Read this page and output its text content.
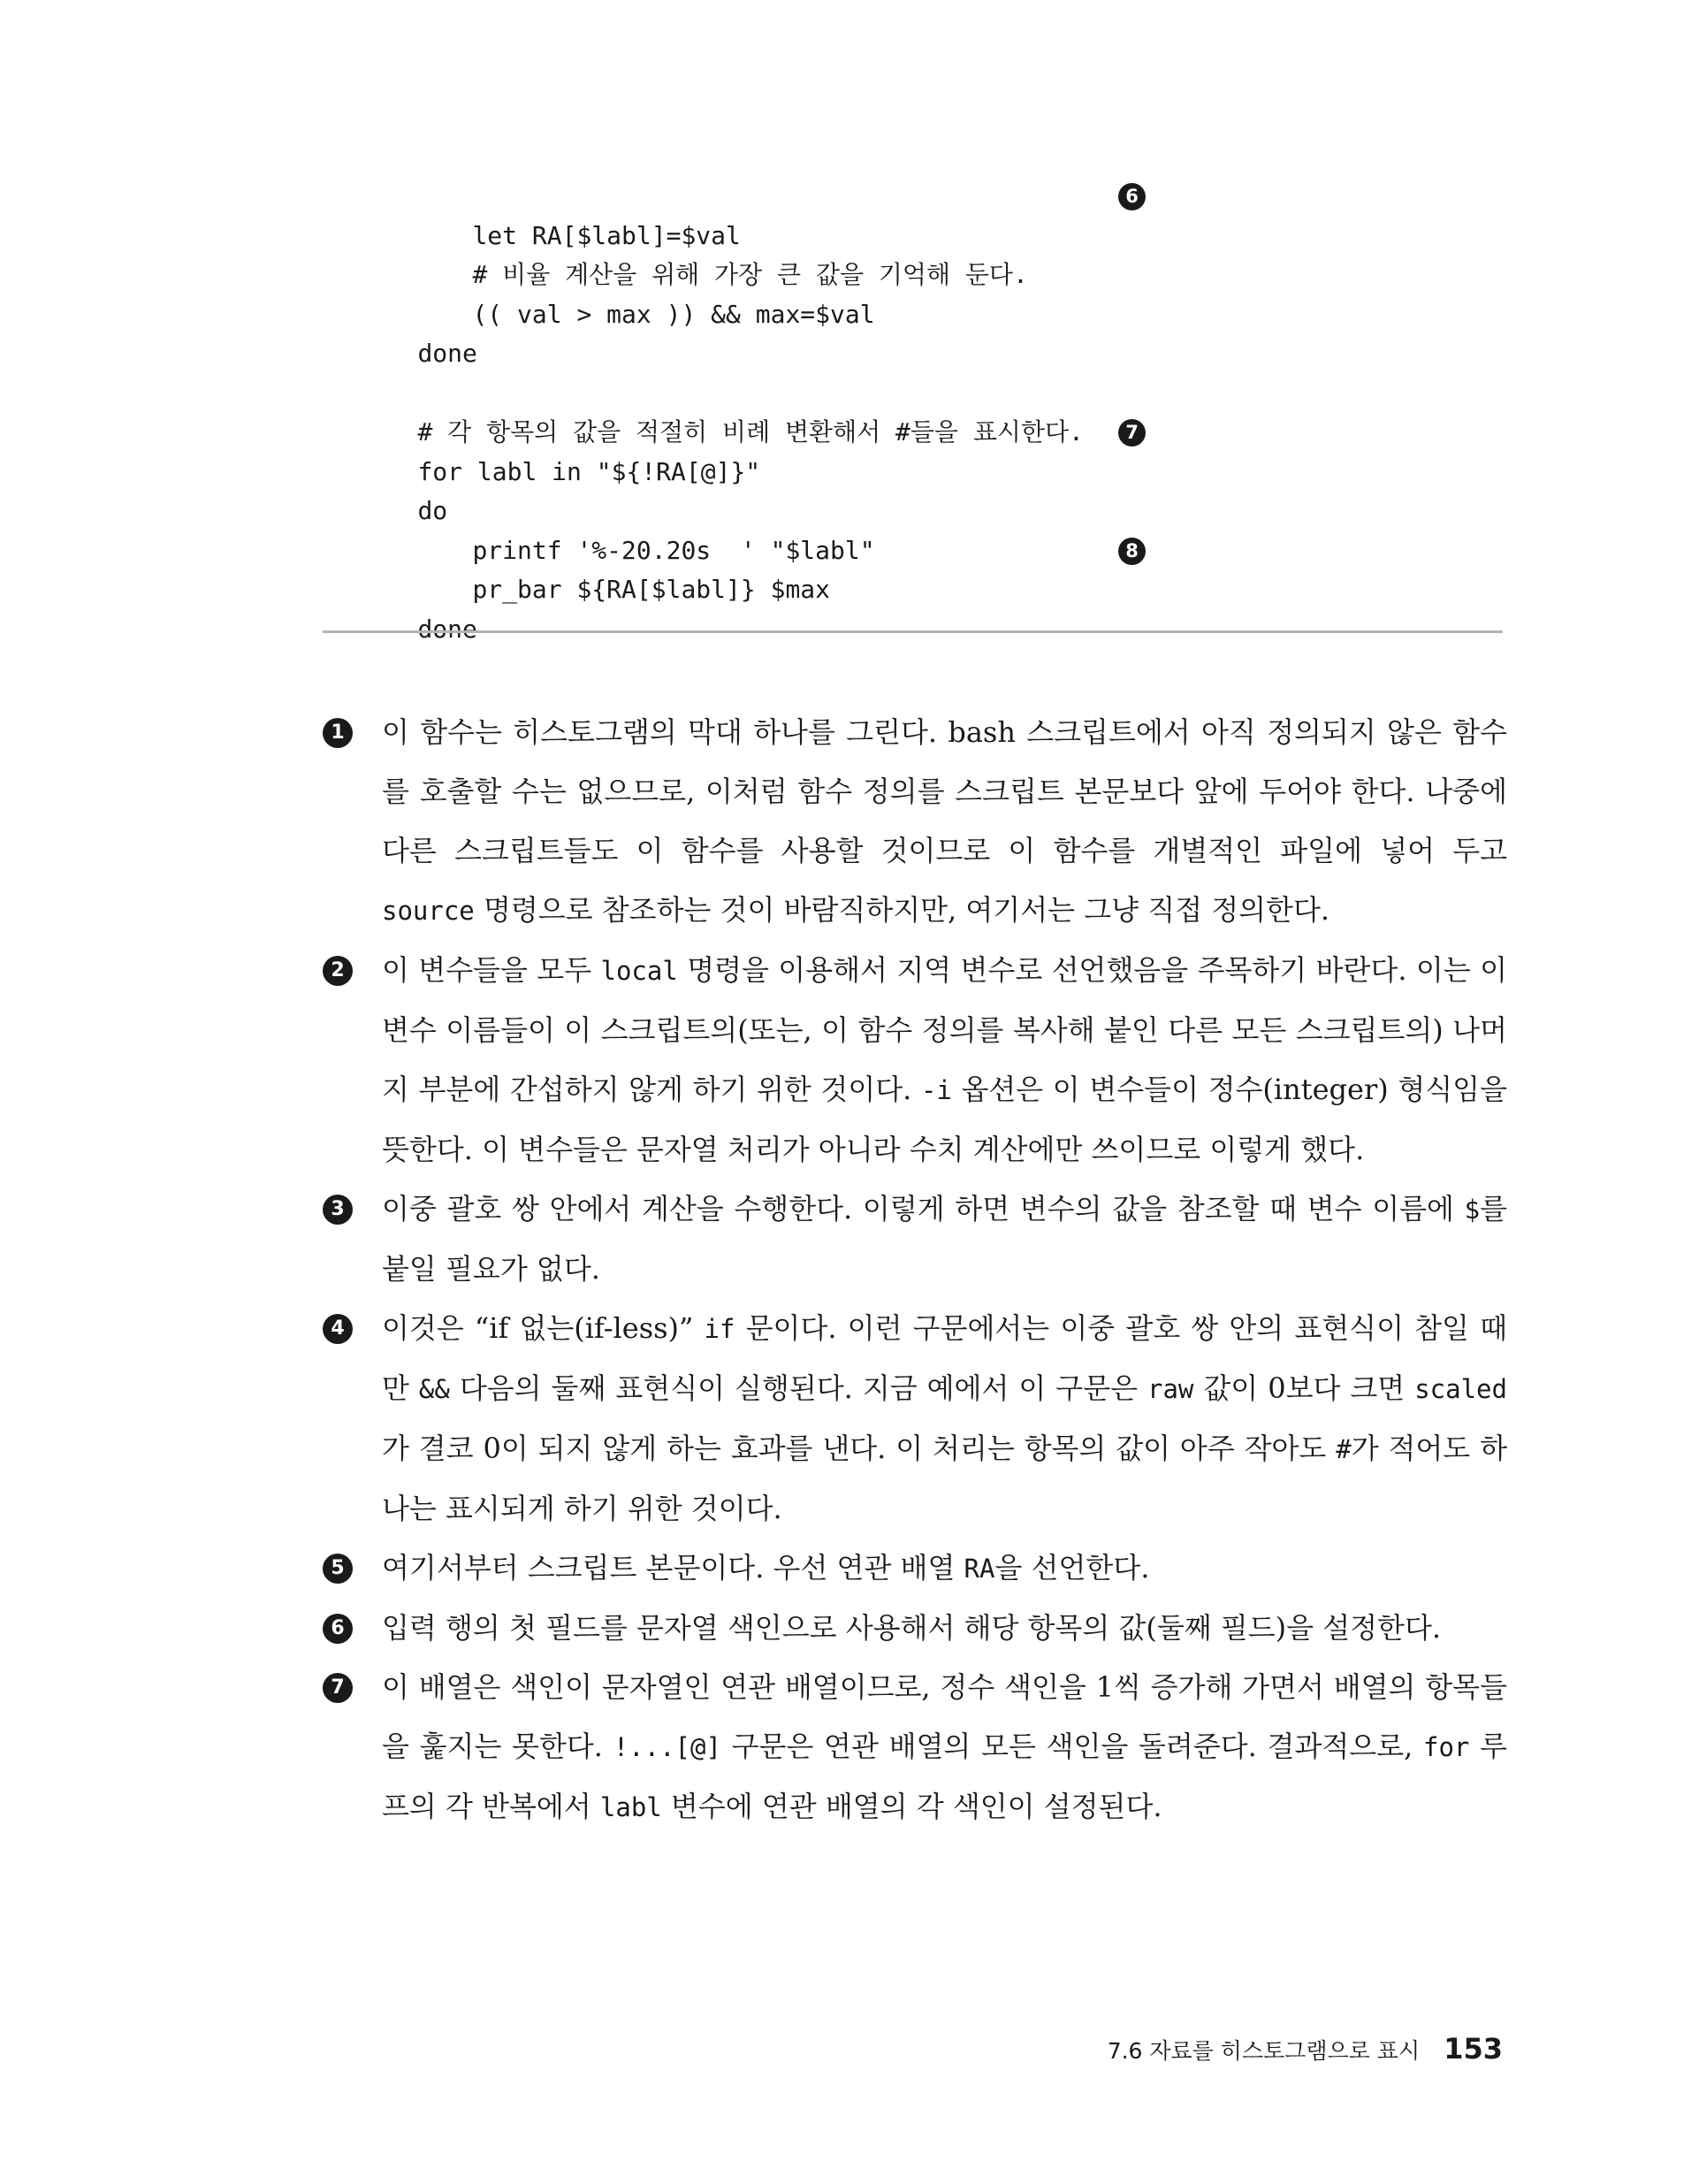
let RA[$labl]=$val

6

# 비율 계산을 위해 가장 큰 값을 기억해 둔다.

(( val > max )) && max=$val

done

# 각 항목의 값을 적절히 비례 변환해서 #들을 표시한다.

for labl in "${!RA[@]}"

7

do

printf '%-20.20s  ' "$labl"

pr_bar ${RA[$labl]} $max

8

done

1 이 함수는 히스토그램의 막대 하나를 그린다. bash 스크립트에서 아직 정의되지 않은 함수를 호출할 수는 없으므로, 이처럼 함수 정의를 스크립트 본문보다 앞에 두어야 한다. 나중에 다른 스크립트들도 이 함수를 사용할 것이므로 이 함수를 개별적인 파일에 넣어 두고 source 명령으로 참조하는 것이 바람직하지만, 여기서는 그냥 직접 정의한다.

2 이 변수들을 모두 local 명령을 이용해서 지역 변수로 선언했음을 주목하기 바란다. 이는 이 변수 이름들이 이 스크립트의(또는, 이 함수 정의를 복사해 붙인 다른 모든 스크립트의) 나머지 부분에 간섭하지 않게 하기 위한 것이다. -i 옵션은 이 변수들이 정수(integer) 형식임을 뜻한다. 이 변수들은 문자열 처리가 아니라 수치 계산에만 쓰이므로 이렇게 했다.

3 이중 괄호 쌍 안에서 계산을 수행한다. 이렇게 하면 변수의 값을 참조할 때 변수 이름에 $를 붙일 필요가 없다.

4 이것은 “if 없는(if-less)” if 문이다. 이런 구문에서는 이중 괄호 쌍 안의 표현식이 참일 때만 && 다음의 둘째 표현식이 실행된다. 지금 예에서 이 구문은 raw 값이 0보다 크면 scaled가 결코 0이 되지 않게 하는 효과를 낸다. 이 처리는 항목의 값이 아주 작아도 #가 적어도 하나는 표시되게 하기 위한 것이다.

5 여기서부터 스크립트 본문이다. 우선 연관 배열 RA을 선언한다.

6 입력 행의 첫 필드를 문자열 색인으로 사용해서 해당 항목의 값(둘째 필드)을 설정한다.

7 이 배열은 색인이 문자열인 연관 배열이므로, 정수 색인을 1씩 증가해 가면서 배열의 항목들을 훑지는 못한다. !...[@] 구문은 연관 배열의 모든 색인을 돌려준다. 결과적으로, for 루프의 각 반복에서 labl 변수에 연관 배열의 각 색인이 설정된다.

7.6 자료를 히스토그램으로 표시 153
